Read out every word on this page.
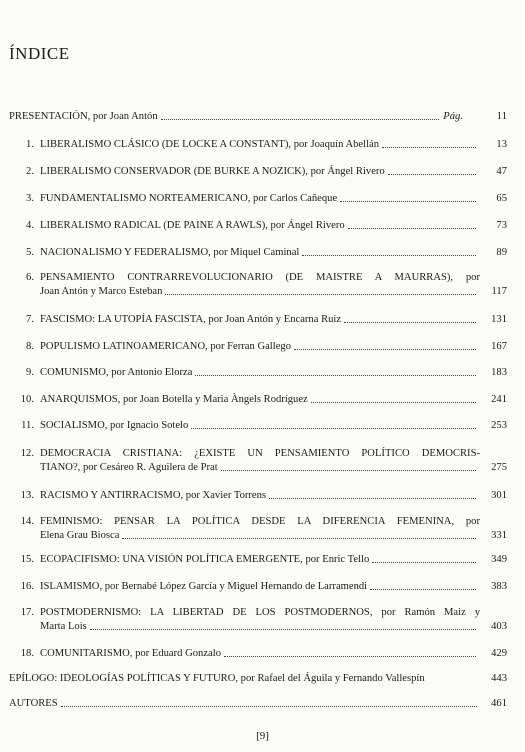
ÍNDICE
PRESENTACIÓN, por Joan Antón	Pág.	11
1. LIBERALISMO CLÁSICO (DE LOCKE A CONSTANT), por Joaquín Abellán	13
2. LIBERALISMO CONSERVADOR (DE BURKE A NOZICK), por Ángel Rivero	47
3. FUNDAMENTALISMO NORTEAMERICANO, por Carlos Cañeque	65
4. LIBERALISMO RADICAL (DE PAINE A RAWLS), por Ángel Rivero	73
5. NACIONALISMO Y FEDERALISMO, por Miquel Caminal	89
6. PENSAMIENTO CONTRARREVOLUCIONARIO (DE MAISTRE A MAURRAS), por
Joan Antón y Marco Esteban	117
7. FASCISMO: LA UTOPÍA FASCISTA, por Joan Antón y Encarna Ruiz	131
8. POPULISMO LATINOAMERICANO, por Ferran Gallego	167
9. COMUNISMO, por Antonio Elorza	183
10. ANARQUISMOS, por Joan Botella y Maria Àngels Rodríguez	241
11. SOCIALISMO, por Ignacio Sotelo	253
12. DEMOCRACIA CRISTIANA: ¿EXISTE UN PENSAMIENTO POLÍTICO DEMOCRIS-
TIANO?, por Cesáreo R. Aguilera de Prat	275
13. RACISMO Y ANTIRRACISMO, por Xavier Torrens	301
14. FEMINISMO: PENSAR LA POLÍTICA DESDE LA DIFERENCIA FEMENINA, por
Elena Grau Biosca	331
15. ECOPACIFISMO: UNA VISIÓN POLÍTICA EMERGENTE, por Enric Tello	349
16. ISLAMISMO, por Bernabé López García y Miguel Hernando de Larramendi	383
17. POSTMODERNISMO: LA LIBERTAD DE LOS POSTMODERNOS, por Ramón Maiz y
Marta Lois	403
18. COMUNITARISMO, por Eduard Gonzalo	429
EPÍLOGO: IDEOLOGÍAS POLÍTICAS Y FUTURO, por Rafael del Águila y Fernando Vallespín	443
AUTORES	461
[9]
